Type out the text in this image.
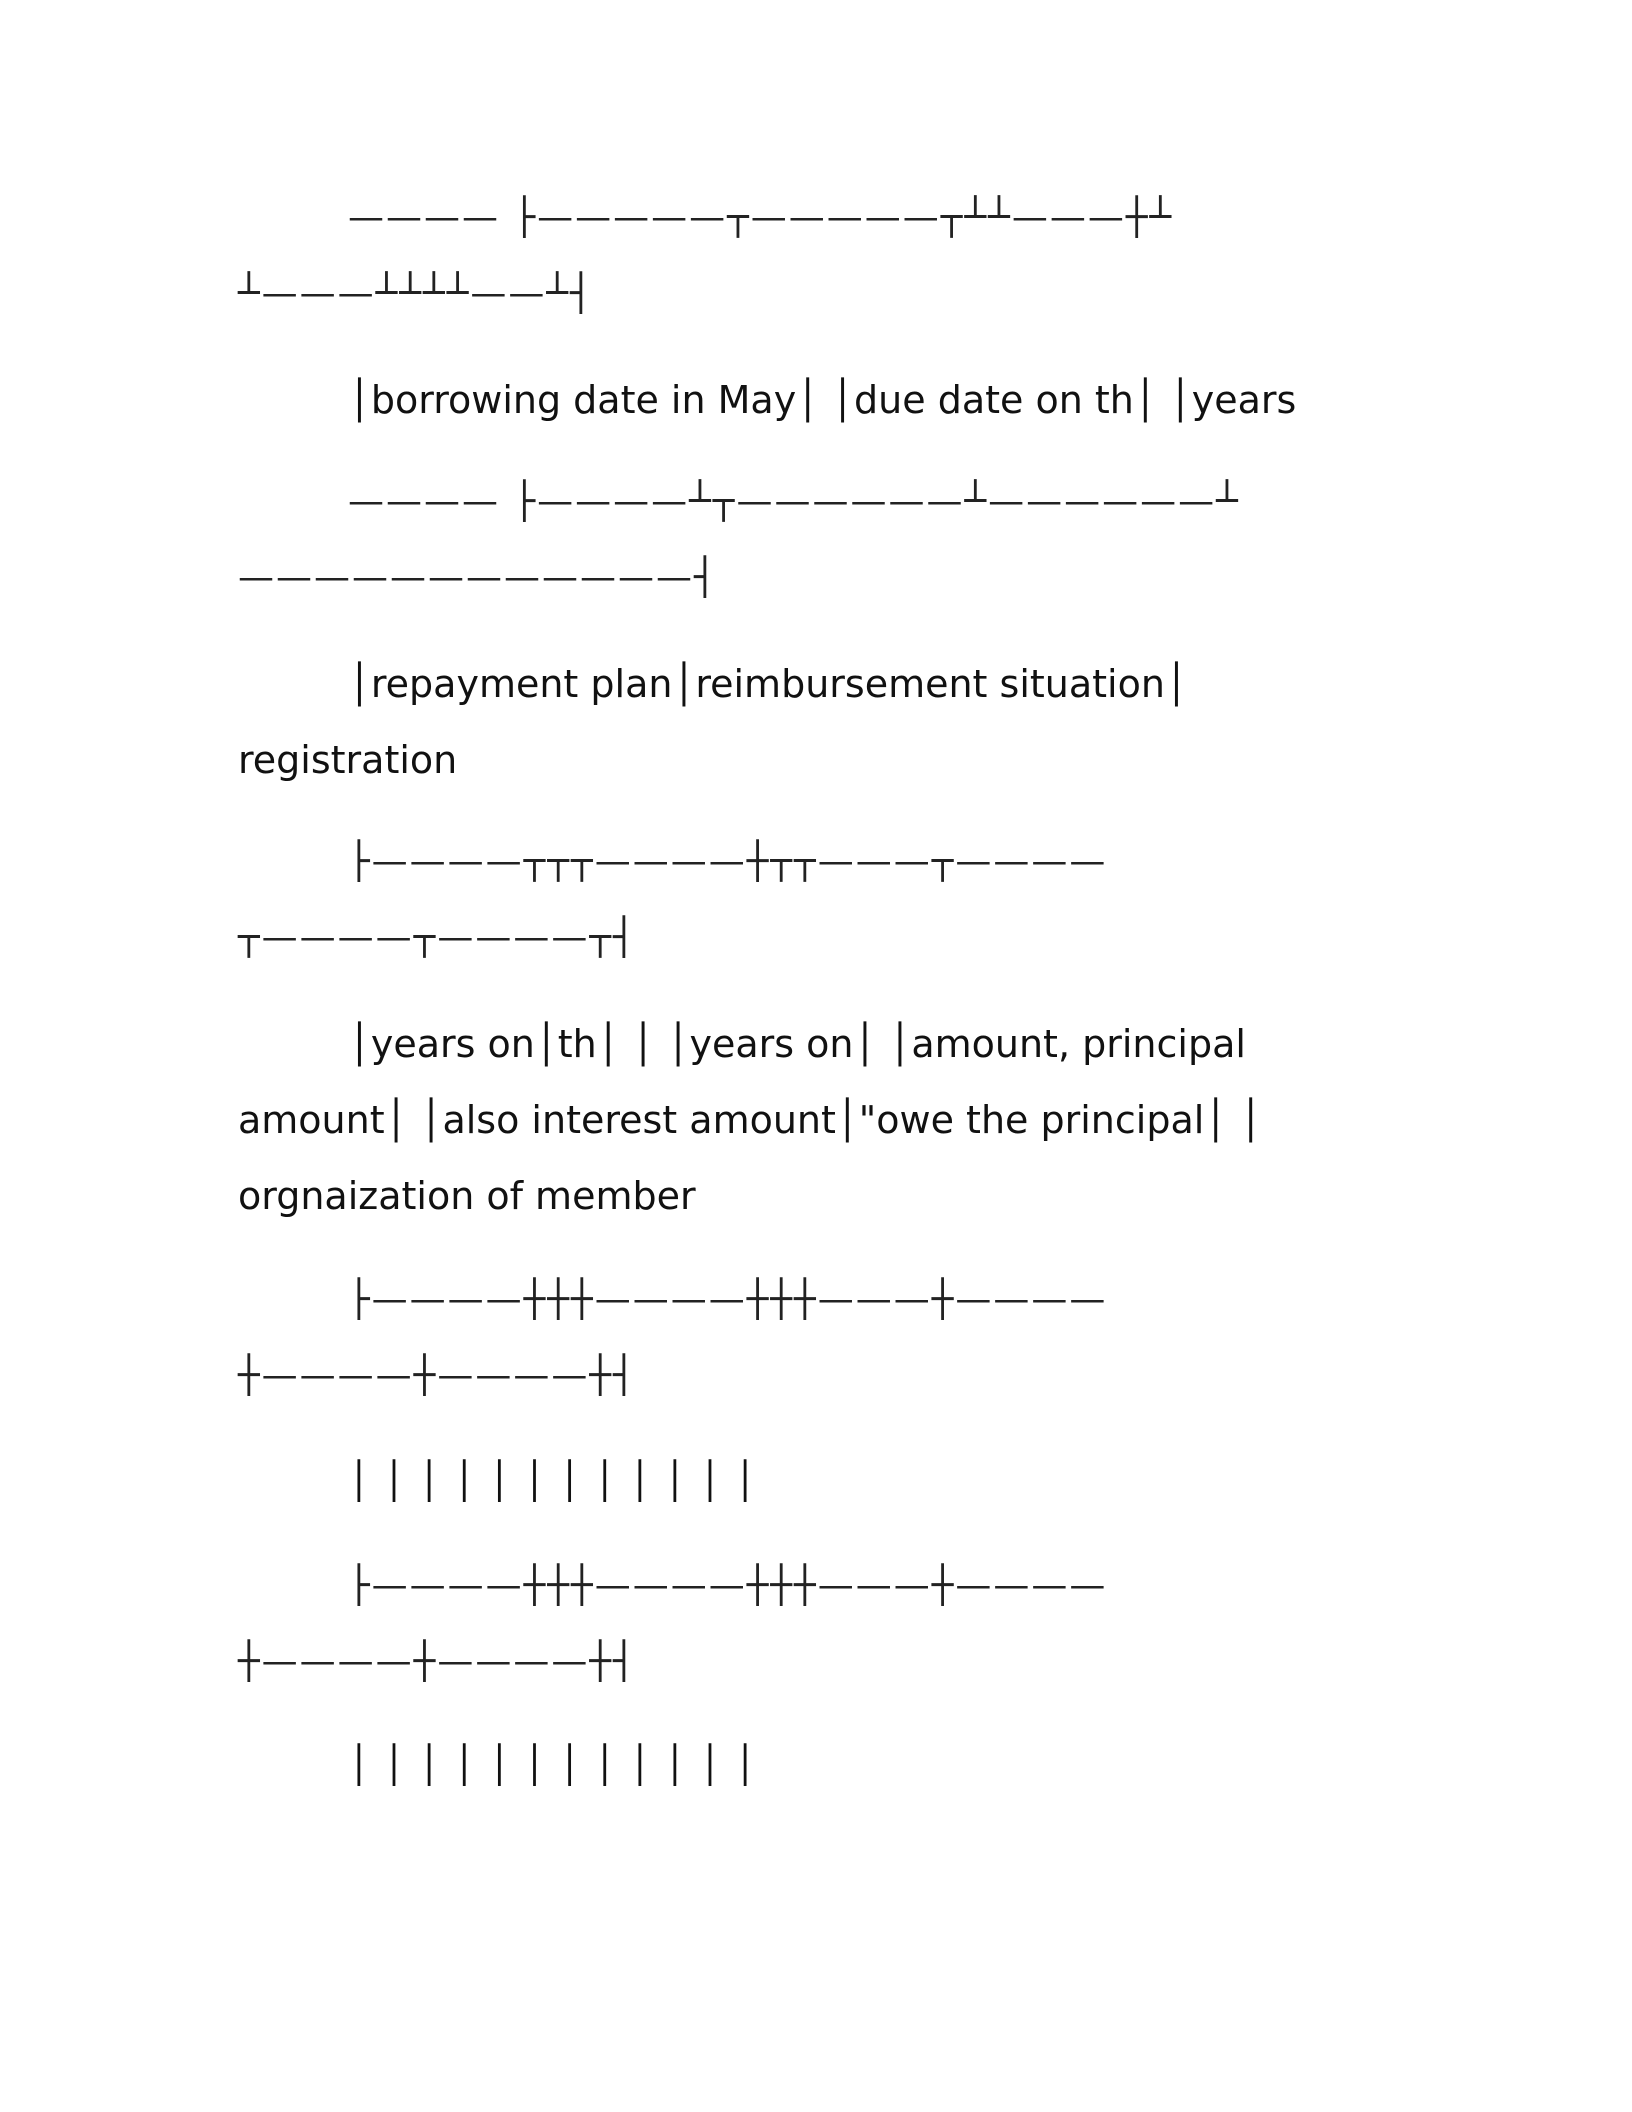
———— ├—————┬—————┬┴┴———┼┴

┴———┴┴┴┴——┴┤

│borrowing date in May│ │due date on th│ │years

———— ├————┴┬——————┴——————┴

————————————┤

│repayment plan│reimbursement situation│

registration

├————┬┬┬————┼┬┬———┬————

┬————┬————┬┤

│years on│th│ │ │years on│ │amount, principal

amount│ │also interest amount│"owe the principal│ │

orgnaization of member

├————┼┼┼————┼┼┼———┼————

┼————┼————┼┤

│ │ │ │ │ │ │ │ │ │ │ │

├————┼┼┼————┼┼┼———┼————

┼————┼————┼┤

│ │ │ │ │ │ │ │ │ │ │ │
